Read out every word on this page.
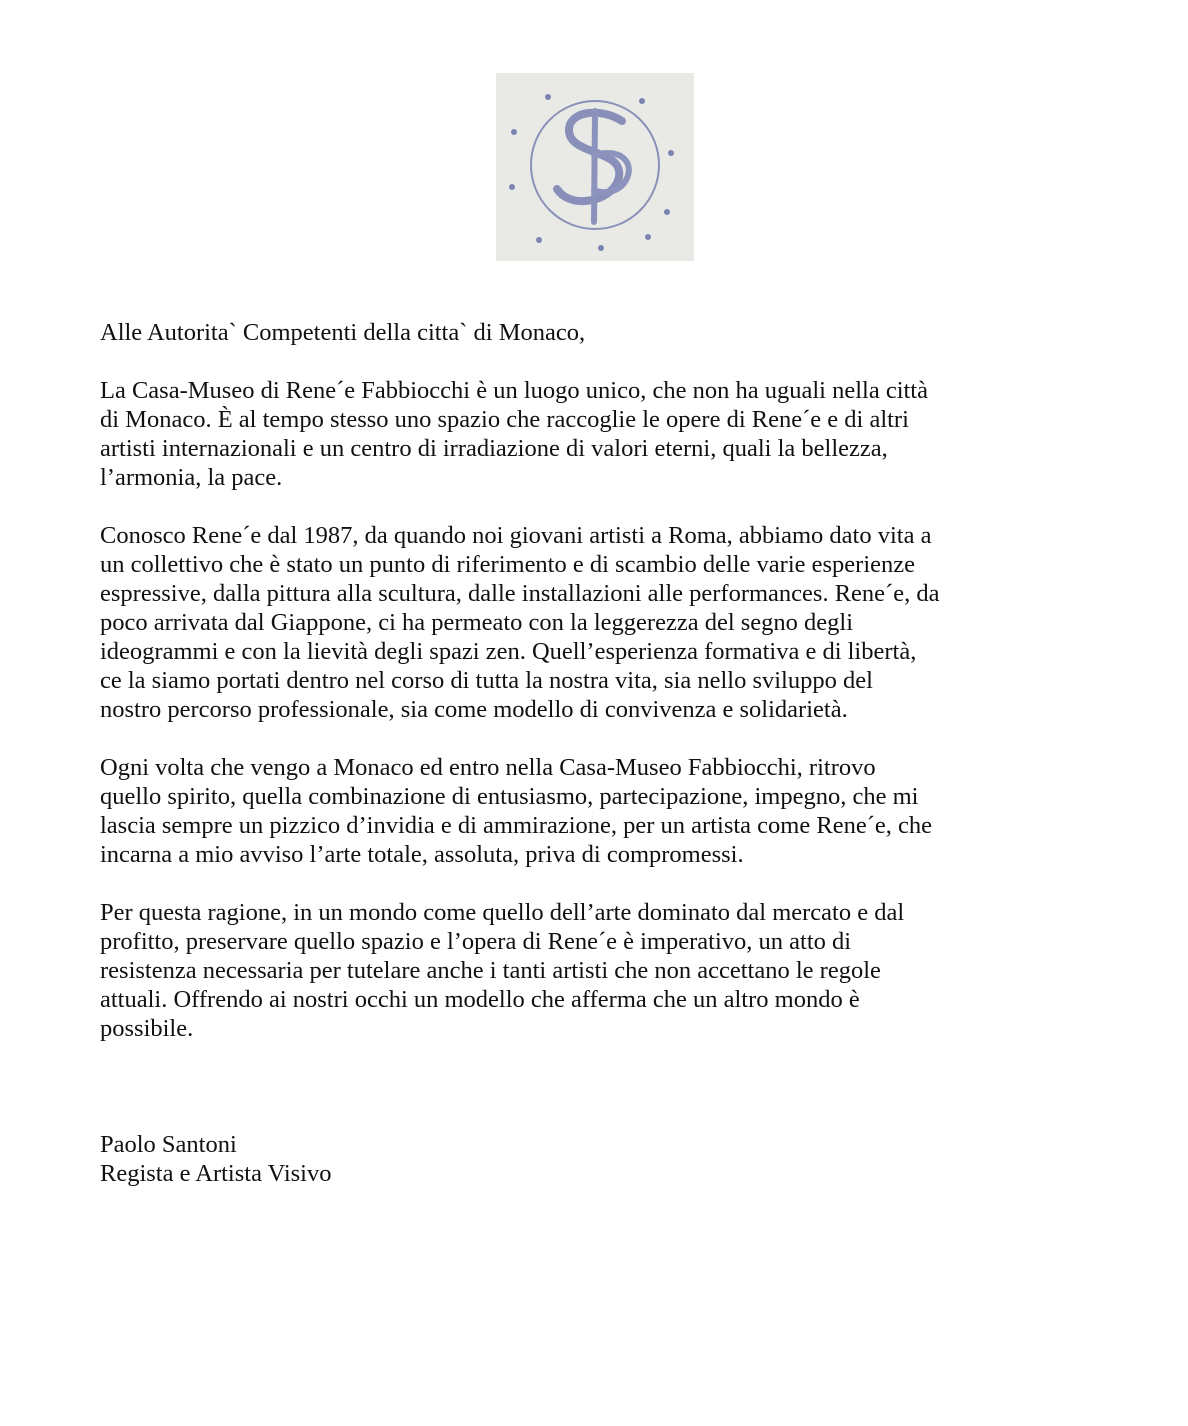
Alle Autorita` Competenti della citta` di Monaco,

La Casa-Museo di Rene´e Fabbiocchi è un luogo unico, che non ha uguali nella città
di Monaco. È al tempo stesso uno spazio che raccoglie le opere di Rene´e e di altri
artisti internazionali e un centro di irradiazione di valori eterni, quali la bellezza,
l’armonia, la pace.

Conosco Rene´e dal 1987, da quando noi giovani artisti a Roma, abbiamo dato vita a
un collettivo che è stato un punto di riferimento e di scambio delle varie esperienze
espressive, dalla pittura alla scultura, dalle installazioni alle performances. Rene´e, da
poco arrivata dal Giappone, ci ha permeato con la leggerezza del segno degli
ideogrammi e con la lievità degli spazi zen. Quell’esperienza formativa e di libertà,
ce la siamo portati dentro nel corso di tutta la nostra vita, sia nello sviluppo del
nostro percorso professionale, sia come modello di convivenza e solidarietà.

Ogni volta che vengo a Monaco ed entro nella Casa-Museo Fabbiocchi, ritrovo
quello spirito, quella combinazione di entusiasmo, partecipazione, impegno, che mi
lascia sempre un pizzico d’invidia e di ammirazione, per un artista come Rene´e, che
incarna a mio avviso l’arte totale, assoluta, priva di compromessi.

Per questa ragione, in un mondo come quello dell’arte dominato dal mercato e dal
profitto, preservare quello spazio e l’opera di Rene´e è imperativo, un atto di
resistenza necessaria per tutelare anche i tanti artisti che non accettano le regole
attuali. Offrendo ai nostri occhi un modello che afferma che un altro mondo è
possibile.

Paolo Santoni
Regista e Artista Visivo
